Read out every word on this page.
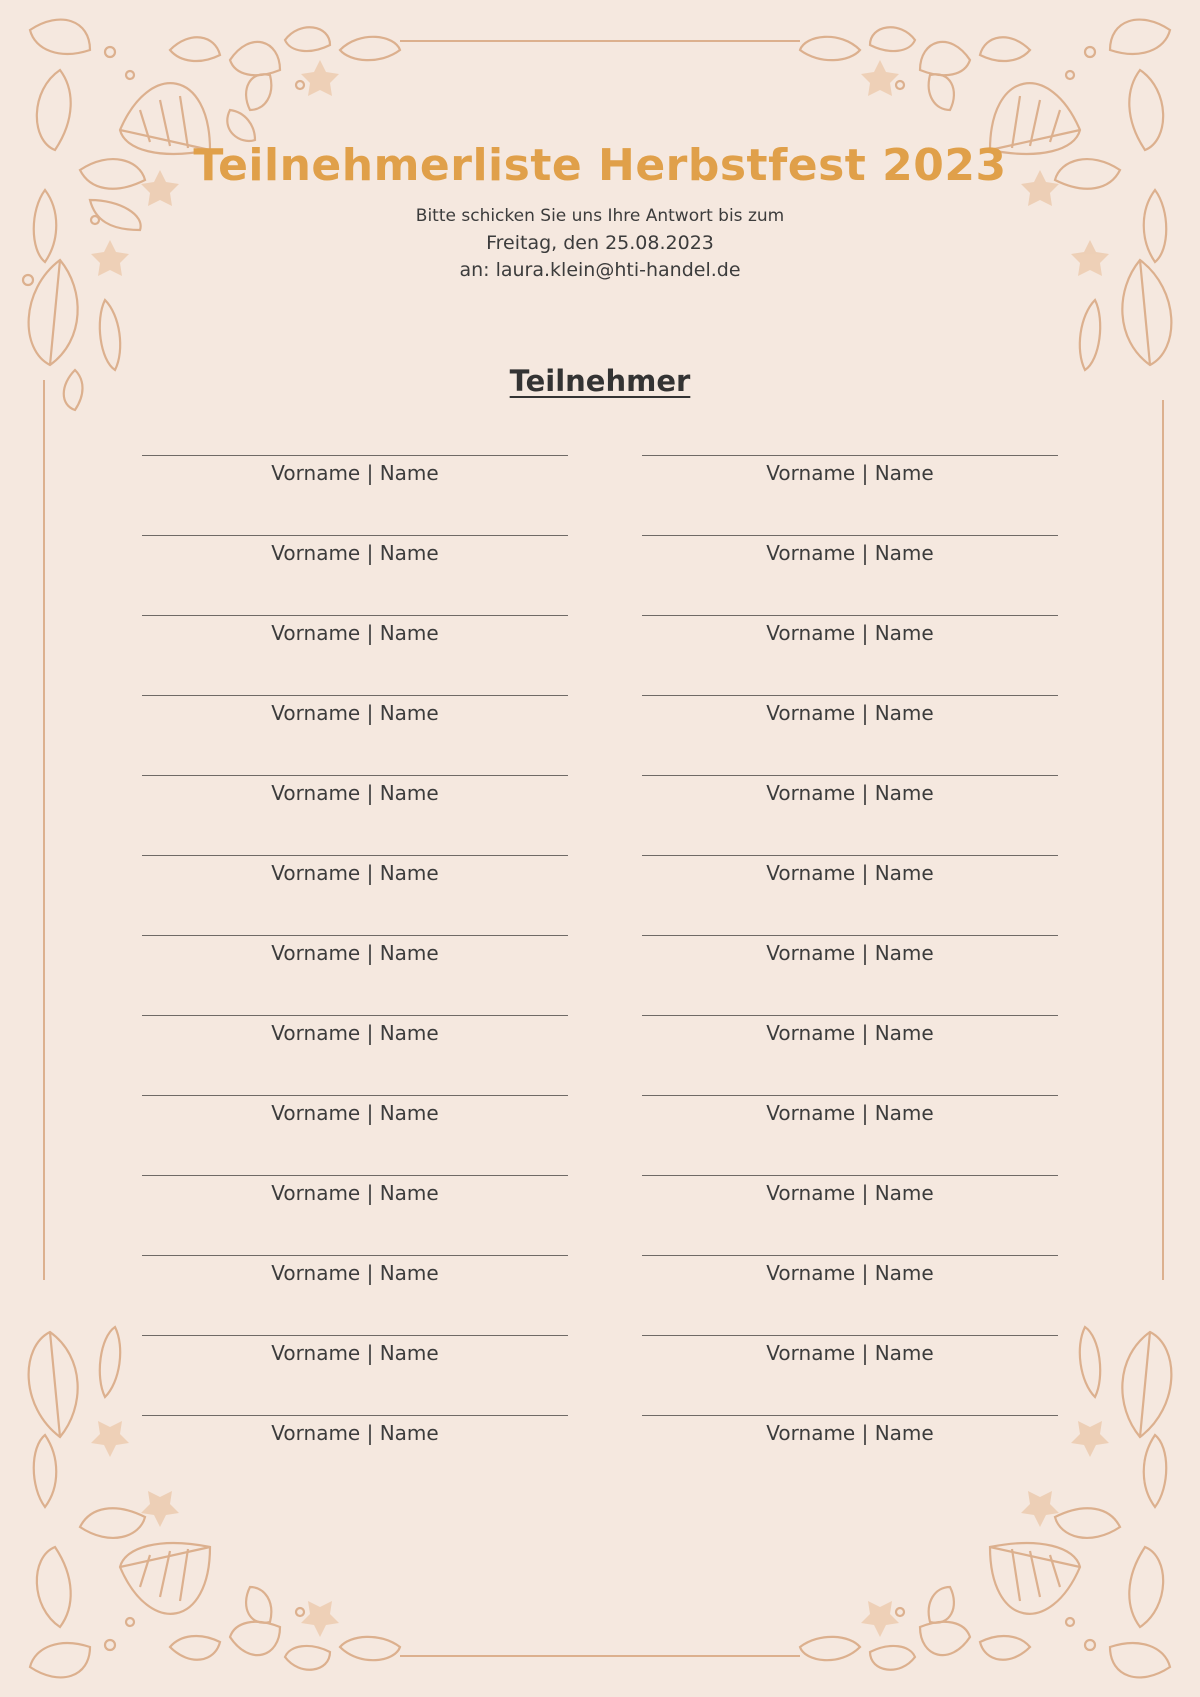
Teilnehmerliste Herbstfest 2023
Bitte schicken Sie uns Ihre Antwort bis zum
Freitag, den 25.08.2023
an: laura.klein@hti-handel.de
Teilnehmer
Vorname | Name
Vorname | Name
Vorname | Name
Vorname | Name
Vorname | Name
Vorname | Name
Vorname | Name
Vorname | Name
Vorname | Name
Vorname | Name
Vorname | Name
Vorname | Name
Vorname | Name
Vorname | Name
Vorname | Name
Vorname | Name
Vorname | Name
Vorname | Name
Vorname | Name
Vorname | Name
Vorname | Name
Vorname | Name
Vorname | Name
Vorname | Name
Vorname | Name
Vorname | Name
